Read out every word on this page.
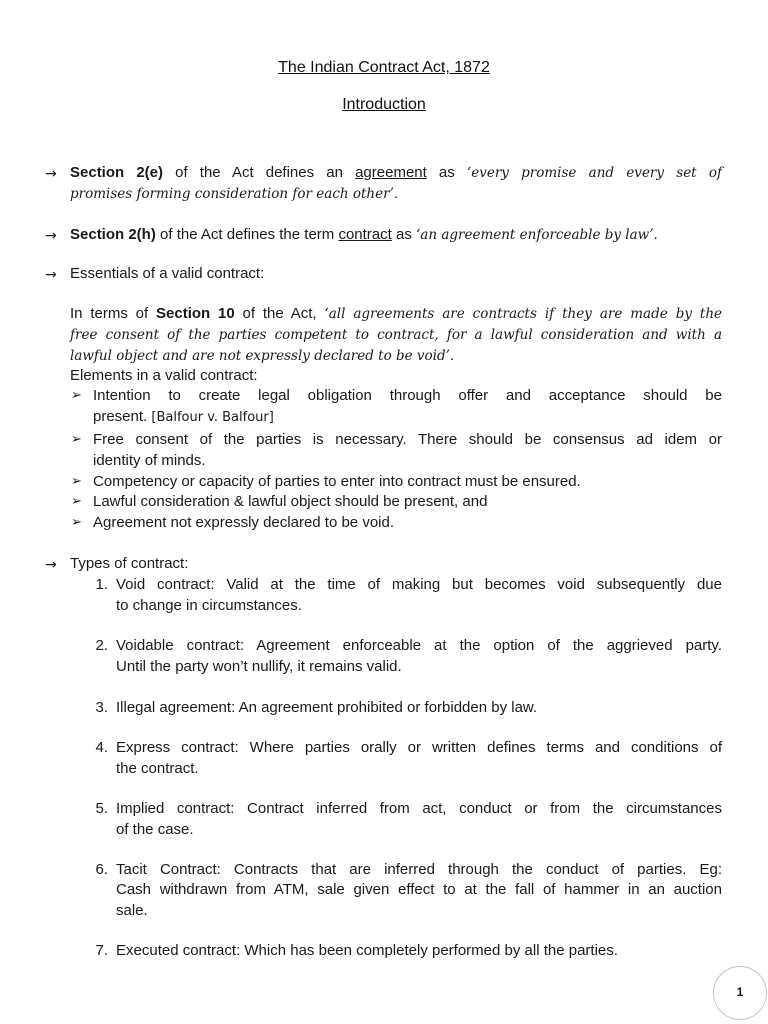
The Indian Contract Act, 1872
Introduction
→ Section 2(e) of the Act defines an agreement as ‘every promise and every set of
promises forming consideration for each other’.
→ Section 2(h) of the Act defines the term contract as ‘an agreement enforceable by law’.
→ Essentials of a valid contract:
In terms of Section 10 of the Act, ‘all agreements are contracts if they are made by the
free consent of the parties competent to contract, for a lawful consideration and with a
lawful object and are not expressly declared to be void’.
Elements in a valid contract:
➢ Intention to create legal obligation through offer and acceptance should be
present. [Balfour v. Balfour]
➢ Free consent of the parties is necessary. There should be consensus ad idem or
identity of minds.
➢ Competency or capacity of parties to enter into contract must be ensured.
➢ Lawful consideration & lawful object should be present, and
➢ Agreement not expressly declared to be void.
→ Types of contract:
1. Void contract: Valid at the time of making but becomes void subsequently due
to change in circumstances.
2. Voidable contract: Agreement enforceable at the option of the aggrieved party.
Until the party won’t nullify, it remains valid.
3. Illegal agreement: An agreement prohibited or forbidden by law.
4. Express contract: Where parties orally or written defines terms and conditions of
the contract.
5. Implied contract: Contract inferred from act, conduct or from the circumstances
of the case.
6. Tacit Contract: Contracts that are inferred through the conduct of parties. Eg:
Cash withdrawn from ATM, sale given effect to at the fall of hammer in an auction
sale.
7. Executed contract: Which has been completely performed by all the parties.
1
